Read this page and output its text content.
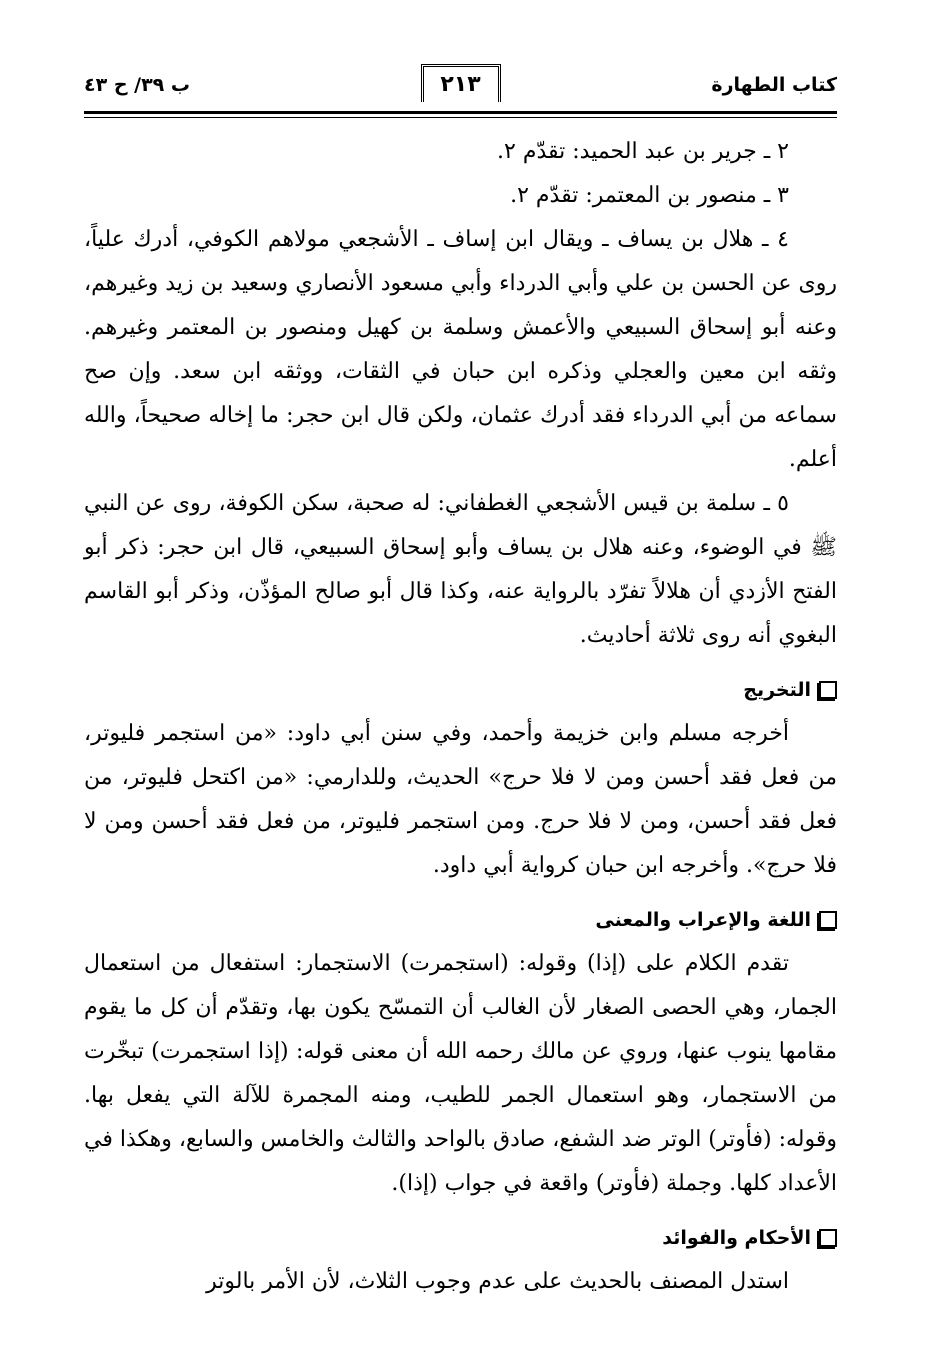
كتاب الطهارة
٢١٣
ب ٣٩/ ح ٤٣

٢ ـ جرير بن عبد الحميد: تقدّم ٢.

٣ ـ منصور بن المعتمر: تقدّم ٢.

٤ ـ هلال بن يساف ـ ويقال ابن إساف ـ الأشجعي مولاهم الكوفي، أدرك علياً، روى عن الحسن بن علي وأبي الدرداء وأبي مسعود الأنصاري وسعيد بن زيد وغيرهم، وعنه أبو إسحاق السبيعي والأعمش وسلمة بن كهيل ومنصور بن المعتمر وغيرهم. وثقه ابن معين والعجلي وذكره ابن حبان في الثقات، ووثقه ابن سعد. وإن صح سماعه من أبي الدرداء فقد أدرك عثمان، ولكن قال ابن حجر: ما إخاله صحيحاً، والله أعلم.

٥ ـ سلمة بن قيس الأشجعي الغطفاني: له صحبة، سكن الكوفة، روى عن النبي ﷺ في الوضوء، وعنه هلال بن يساف وأبو إسحاق السبيعي، قال ابن حجر: ذكر أبو الفتح الأزدي أن هلالاً تفرّد بالرواية عنه، وكذا قال أبو صالح المؤذّن، وذكر أبو القاسم البغوي أنه روى ثلاثة أحاديث.

التخريج

أخرجه مسلم وابن خزيمة وأحمد، وفي سنن أبي داود: «من استجمر فليوتر، من فعل فقد أحسن ومن لا فلا حرج» الحديث، وللدارمي: «من اكتحل فليوتر، من فعل فقد أحسن، ومن لا فلا حرج. ومن استجمر فليوتر، من فعل فقد أحسن ومن لا فلا حرج». وأخرجه ابن حبان كرواية أبي داود.

اللغة والإعراب والمعنى

تقدم الكلام على (إذا) وقوله: (استجمرت) الاستجمار: استفعال من استعمال الجمار، وهي الحصى الصغار لأن الغالب أن التمسّح يكون بها، وتقدّم أن كل ما يقوم مقامها ينوب عنها، وروي عن مالك رحمه الله أن معنى قوله: (إذا استجمرت) تبخّرت من الاستجمار، وهو استعمال الجمر للطيب، ومنه المجمرة للآلة التي يفعل بها. وقوله: (فأوتر) الوتر ضد الشفع، صادق بالواحد والثالث والخامس والسابع، وهكذا في الأعداد كلها. وجملة (فأوتر) واقعة في جواب (إذا).

الأحكام والفوائد

استدل المصنف بالحديث على عدم وجوب الثلاث، لأن الأمر بالوتر
